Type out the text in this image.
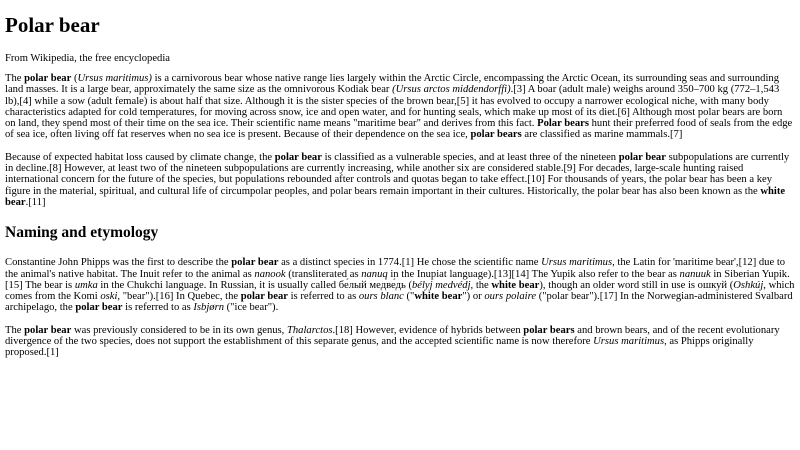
Polar bear
From Wikipedia, the free encyclopedia

The polar bear (Ursus maritimus) is a carnivorous bear whose native range lies largely within the Arctic Circle, encompassing the Arctic Ocean, its surrounding seas and surrounding land masses. It is a large bear, approximately the same size as the omnivorous Kodiak bear (Ursus arctos middendorffi).[3] A boar (adult male) weighs around 350–700 kg (772–1,543 lb),[4] while a sow (adult female) is about half that size. Although it is the sister species of the brown bear,[5] it has evolved to occupy a narrower ecological niche, with many body characteristics adapted for cold temperatures, for moving across snow, ice and open water, and for hunting seals, which make up most of its diet.[6] Although most polar bears are born on land, they spend most of their time on the sea ice. Their scientific name means "maritime bear" and derives from this fact. Polar bears hunt their preferred food of seals from the edge of sea ice, often living off fat reserves when no sea ice is present. Because of their dependence on the sea ice, polar bears are classified as marine mammals.[7]

Because of expected habitat loss caused by climate change, the polar bear is classified as a vulnerable species, and at least three of the nineteen polar bear subpopulations are currently in decline.[8] However, at least two of the nineteen subpopulations are currently increasing, while another six are considered stable.[9] For decades, large-scale hunting raised international concern for the future of the species, but populations rebounded after controls and quotas began to take effect.[10] For thousands of years, the polar bear has been a key figure in the material, spiritual, and cultural life of circumpolar peoples, and polar bears remain important in their cultures. Historically, the polar bear has also been known as the white bear.[11]

Naming and etymology

Constantine John Phipps was the first to describe the polar bear as a distinct species in 1774.[1] He chose the scientific name Ursus maritimus, the Latin for 'maritime bear',[12] due to the animal's native habitat. The Inuit refer to the animal as nanook (transliterated as nanuq in the Inupiat language).[13][14] The Yupik also refer to the bear as nanuuk in Siberian Yupik.[15] The bear is umka in the Chukchi language. In Russian, it is usually called бе́лый медве́дь (bélyj medvédj, the white bear), though an older word still in use is ошкуй (Oshkúj, which comes from the Komi oski, "bear").[16] In Quebec, the polar bear is referred to as ours blanc ("white bear") or ours polaire ("polar bear").[17] In the Norwegian-administered Svalbard archipelago, the polar bear is referred to as Isbjørn ("ice bear").

The polar bear was previously considered to be in its own genus, Thalarctos.[18] However, evidence of hybrids between polar bears and brown bears, and of the recent evolutionary divergence of the two species, does not support the establishment of this separate genus, and the accepted scientific name is now therefore Ursus maritimus, as Phipps originally proposed.[1]
